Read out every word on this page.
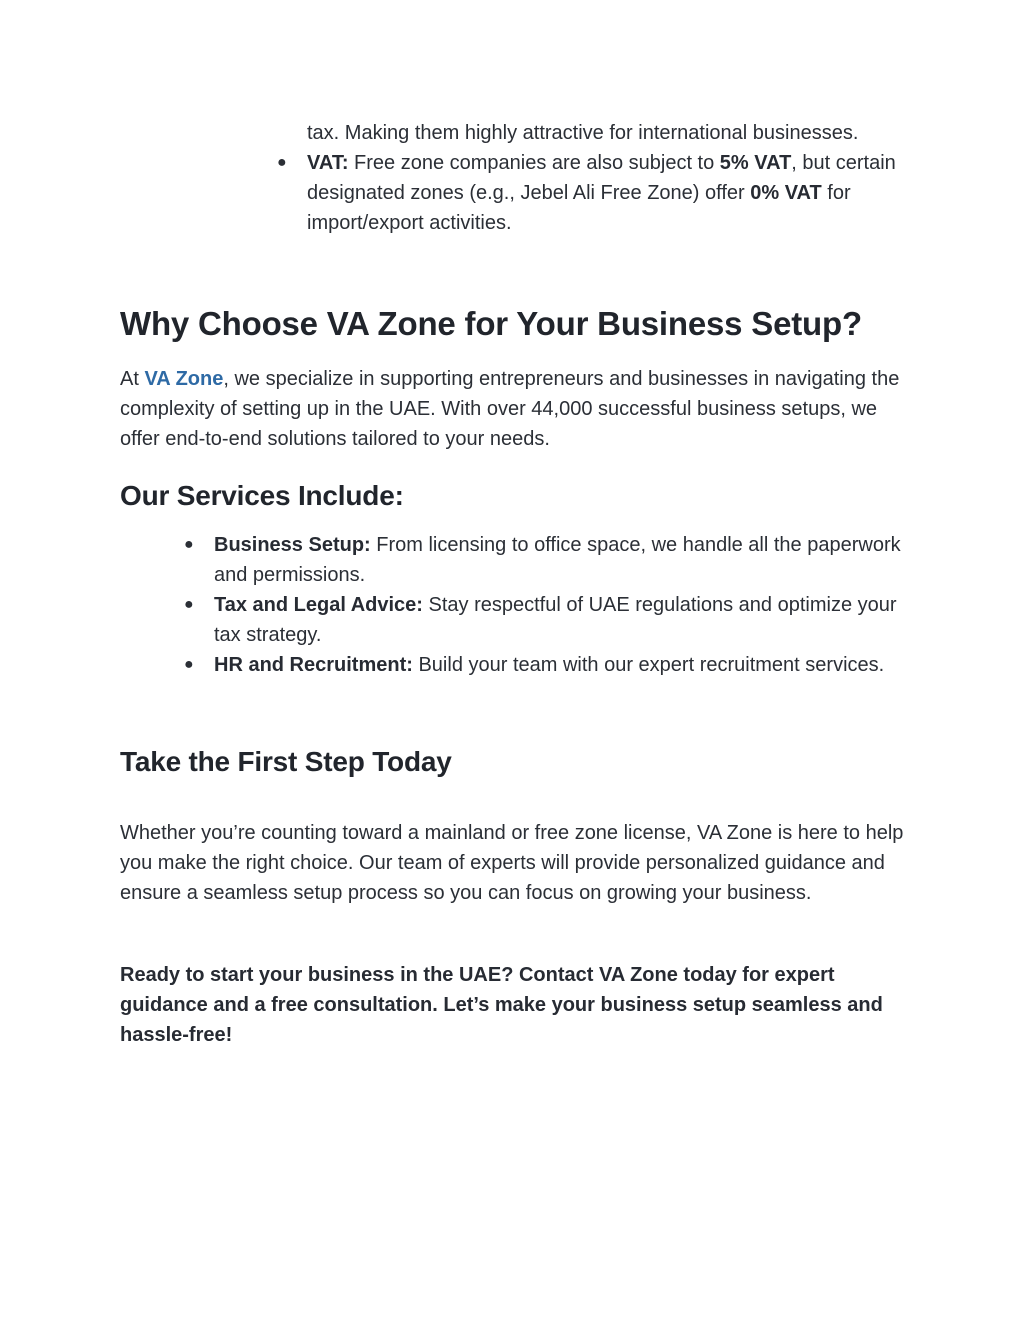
tax. Making them highly attractive for international businesses.
● VAT: Free zone companies are also subject to 5% VAT, but certain designated zones (e.g., Jebel Ali Free Zone) offer 0% VAT for import/export activities.
Why Choose VA Zone for Your Business Setup?

At VA Zone, we specialize in supporting entrepreneurs and businesses in navigating the complexity of setting up in the UAE. With over 44,000 successful business setups, we offer end-to-end solutions tailored to your needs.

Our Services Include:
● Business Setup: From licensing to office space, we handle all the paperwork and permissions.
● Tax and Legal Advice: Stay respectful of UAE regulations and optimize your tax strategy.
● HR and Recruitment: Build your team with our expert recruitment services.
Take the First Step Today

Whether you’re counting toward a mainland or free zone license, VA Zone is here to help you make the right choice. Our team of experts will provide personalized guidance and ensure a seamless setup process so you can focus on growing your business.

Ready to start your business in the UAE? Contact VA Zone today for expert guidance and a free consultation. Let’s make your business setup seamless and hassle-free!
